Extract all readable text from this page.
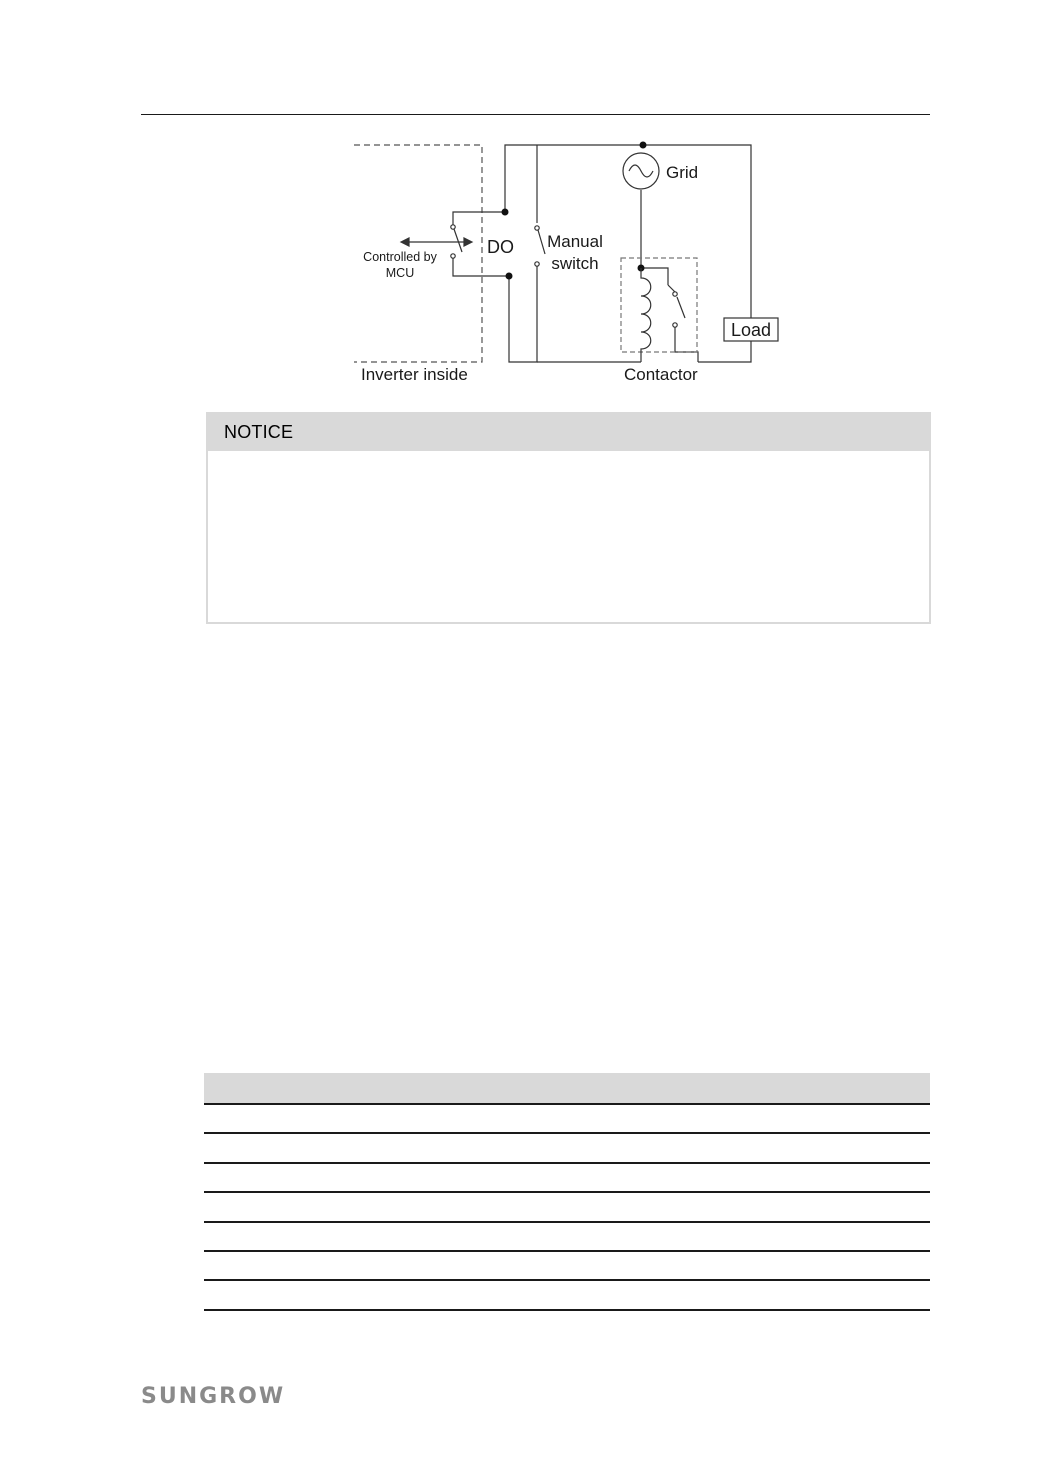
Controlled by
MCU
DO Manual
switch
Grid
Load
Inverter inside	Contactor
NOTICE
SUNGROW
